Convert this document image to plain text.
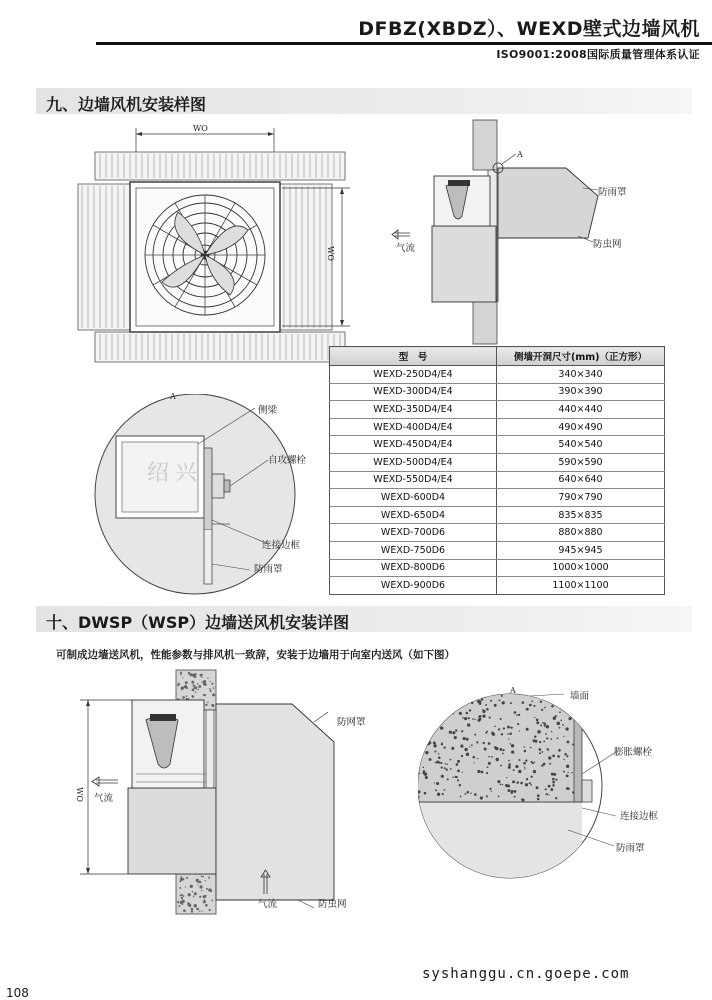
DFBZ(XBDZ）、WEXD壁式边墙风机
ISO9001:2008国际质量管理体系认证
九、边墙风机安装样图
WO
WO
A
防雨罩
防虫网
气流
A
侧梁
自攻螺栓
连接边框
防雨罩
绍兴
型　号	侧墙开洞尺寸(mm)（正方形）
WEXD-250D4/E4	340×340
WEXD-300D4/E4	390×390
WEXD-350D4/E4	440×440
WEXD-400D4/E4	490×490
WEXD-450D4/E4	540×540
WEXD-500D4/E4	590×590
WEXD-550D4/E4	640×640
WEXD-600D4	790×790
WEXD-650D4	835×835
WEXD-700D6	880×880
WEXD-750D6	945×945
WEXD-800D6	1000×1000
WEXD-900D6	1100×1100
十、DWSP（WSP）边墙送风机安装详图
可制成边墙送风机，性能参数与排风机一致辞，安装于边墙用于向室内送风（如下图）
WO 气流
防网罩
气流	防虫网
A
墙面
膨胀螺栓
连接边框
防雨罩
syshanggu.cn.goepe.com
108
